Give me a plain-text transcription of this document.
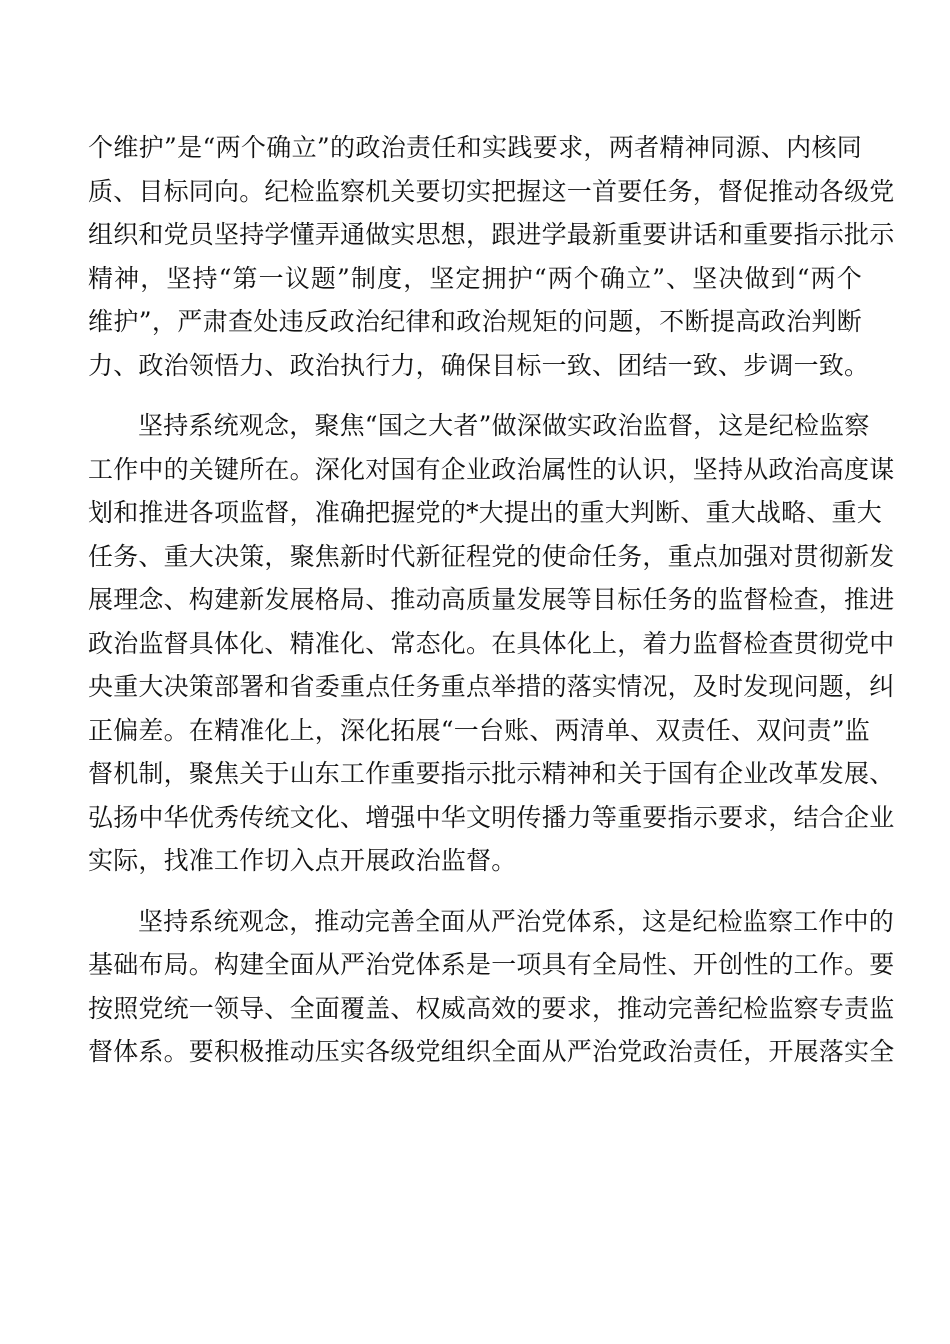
个维护”是“两个确立”的政治责任和实践要求，两者精神同源、内核同
质、目标同向。纪检监察机关要切实把握这一首要任务，督促推动各级党
组织和党员坚持学懂弄通做实思想，跟进学最新重要讲话和重要指示批示
精神，坚持“第一议题”制度，坚定拥护“两个确立”、坚决做到“两个
维护”，严肃查处违反政治纪律和政治规矩的问题，不断提高政治判断
力、政治领悟力、政治执行力，确保目标一致、团结一致、步调一致。
坚持系统观念，聚焦“国之大者”做深做实政治监督，这是纪检监察
工作中的关键所在。深化对国有企业政治属性的认识，坚持从政治高度谋
划和推进各项监督，准确把握党的*大提出的重大判断、重大战略、重大
任务、重大决策，聚焦新时代新征程党的使命任务，重点加强对贯彻新发
展理念、构建新发展格局、推动高质量发展等目标任务的监督检查，推进
政治监督具体化、精准化、常态化。在具体化上，着力监督检查贯彻党中
央重大决策部署和省委重点任务重点举措的落实情况，及时发现问题，纠
正偏差。在精准化上，深化拓展“一台账、两清单、双责任、双问责”监
督机制，聚焦关于山东工作重要指示批示精神和关于国有企业改革发展、
弘扬中华优秀传统文化、增强中华文明传播力等重要指示要求，结合企业
实际，找准工作切入点开展政治监督。
坚持系统观念，推动完善全面从严治党体系，这是纪检监察工作中的
基础布局。构建全面从严治党体系是一项具有全局性、开创性的工作。要
按照党统一领导、全面覆盖、权威高效的要求，推动完善纪检监察专责监
督体系。要积极推动压实各级党组织全面从严治党政治责任，开展落实全
